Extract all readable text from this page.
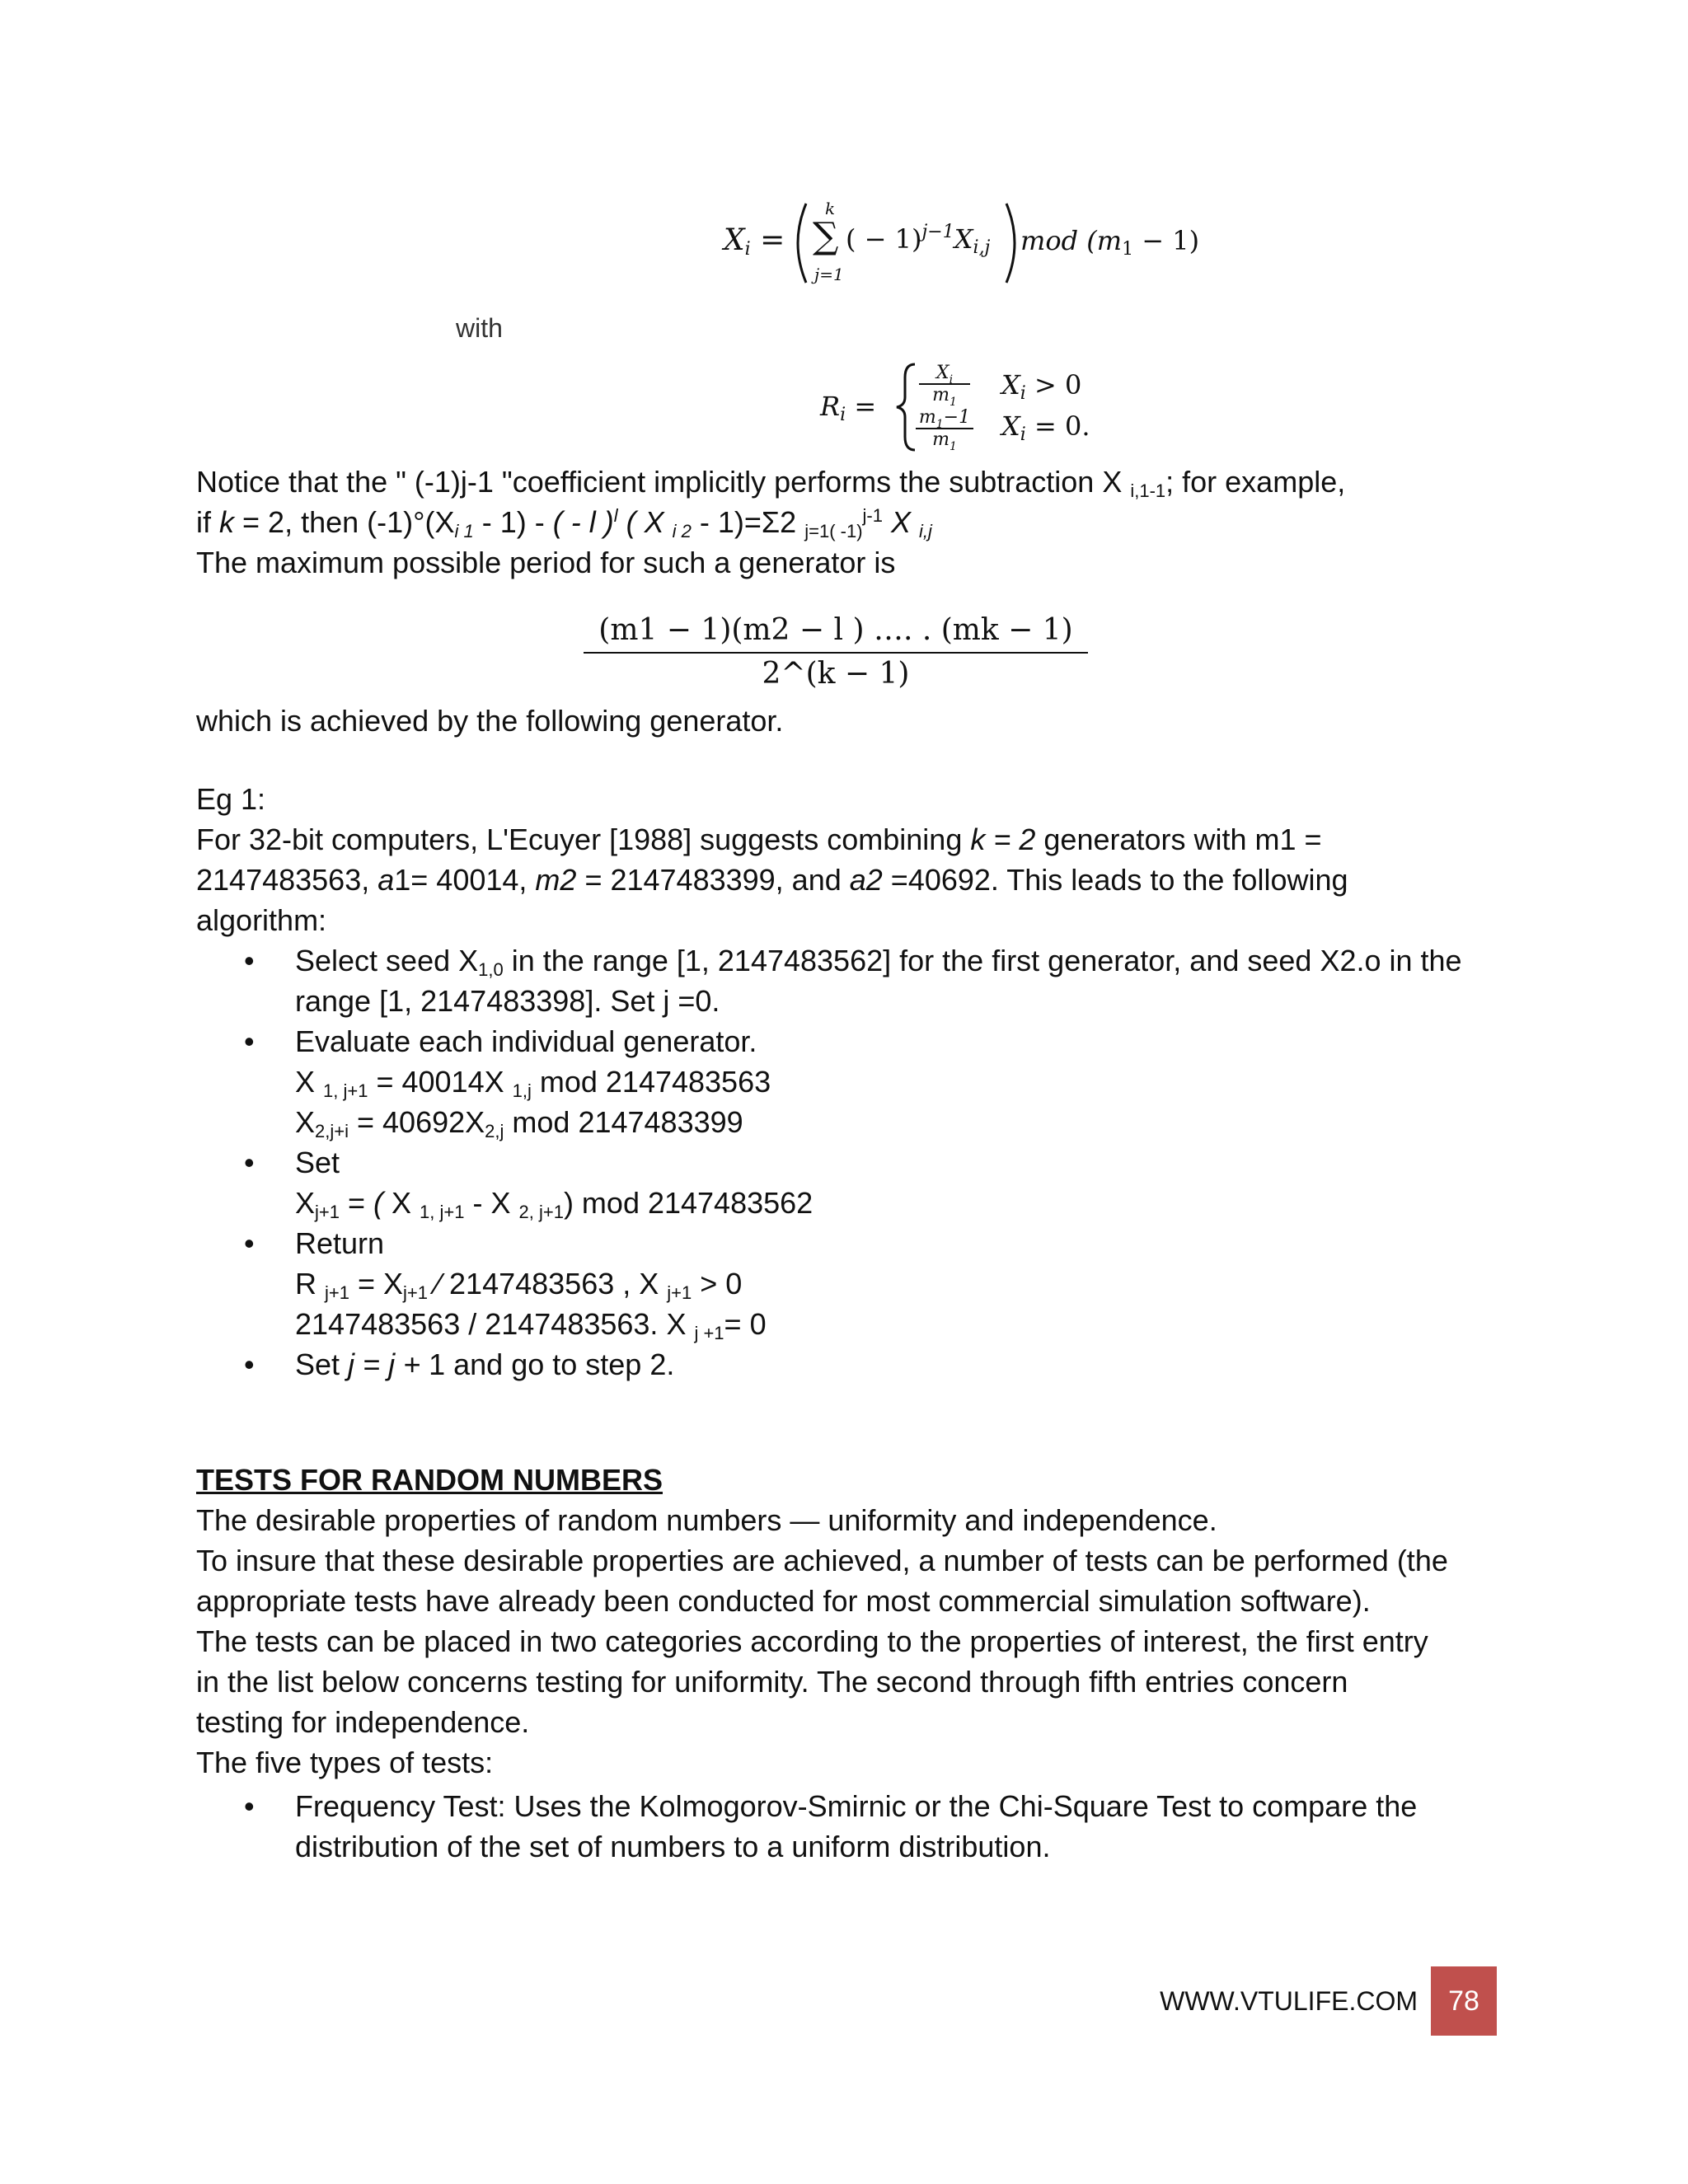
$X_i$ =
k
∑
j=1
( − $1)^{j-1}X_{i,j}$ mod $(m_1 - 1)$
with
$R_i$ =
$X_i$
$m_1$
$m_1-1$
$m_1$
$X_i > 0$
$X_i = 0$.
Notice that the " (-1)j-1 "coefficient implicitly performs the subtraction X $_{i,1-1}$; for example,
if k = 2, then $(-1)^\circ(X_{i 1} - 1)$ - ( - l )$^l$ ( X $_{i 2}$ - 1)=Σ2 $_{j=1( -1)}^{j-1}$ X $_{i,j}$
The maximum possible period for such a generator is
$\frac{(m1 - 1)(m2 - l ) \dots. . (mk - 1)}{2\^{}(k - 1)}$
which is achieved by the following generator.
Eg 1:
For 32-bit computers, L'Ecuyer [1988] suggests combining k = 2 generators with m1 =
2147483563, a1= 40014, m2 = 2147483399, and a2 =40692. This leads to the following
algorithm:
• Select seed $X_{1,0}$ in the range [1, 2147483562] for the first generator, and seed X2.o in the
range [1, 2147483398]. Set j =0.
• Evaluate each individual generator.
X $_{1, j+1}$ = 40014X $_{1,j}$ mod 2147483563
$X_{2,j+i} = 40692X_{2,j}$ mod 2147483399
• Set
$X_{j+1}$ = ( X $_{1, j+1}$ - X $_{2, j+1}$) mod 2147483562
• Return
R $_{j+1} = X_{j+1}$ ⁄ 2147483563 , X $_{j+1}$ > 0
2147483563 / 2147483563. X $_{j +1}$= 0
• Set j = j + 1 and go to step 2.
TESTS FOR RANDOM NUMBERS
The desirable properties of random numbers — uniformity and independence.
To insure that these desirable properties are achieved, a number of tests can be performed (the
appropriate tests have already been conducted for most commercial simulation software).
The tests can be placed in two categories according to the properties of interest, the first entry
in the list below concerns testing for uniformity. The second through fifth entries concern
testing for independence.
The five types of tests:
• Frequency Test: Uses the Kolmogorov-Smirnic or the Chi-Square Test to compare the
distribution of the set of numbers to a uniform distribution.
WWW.VTULIFE.COM	78
